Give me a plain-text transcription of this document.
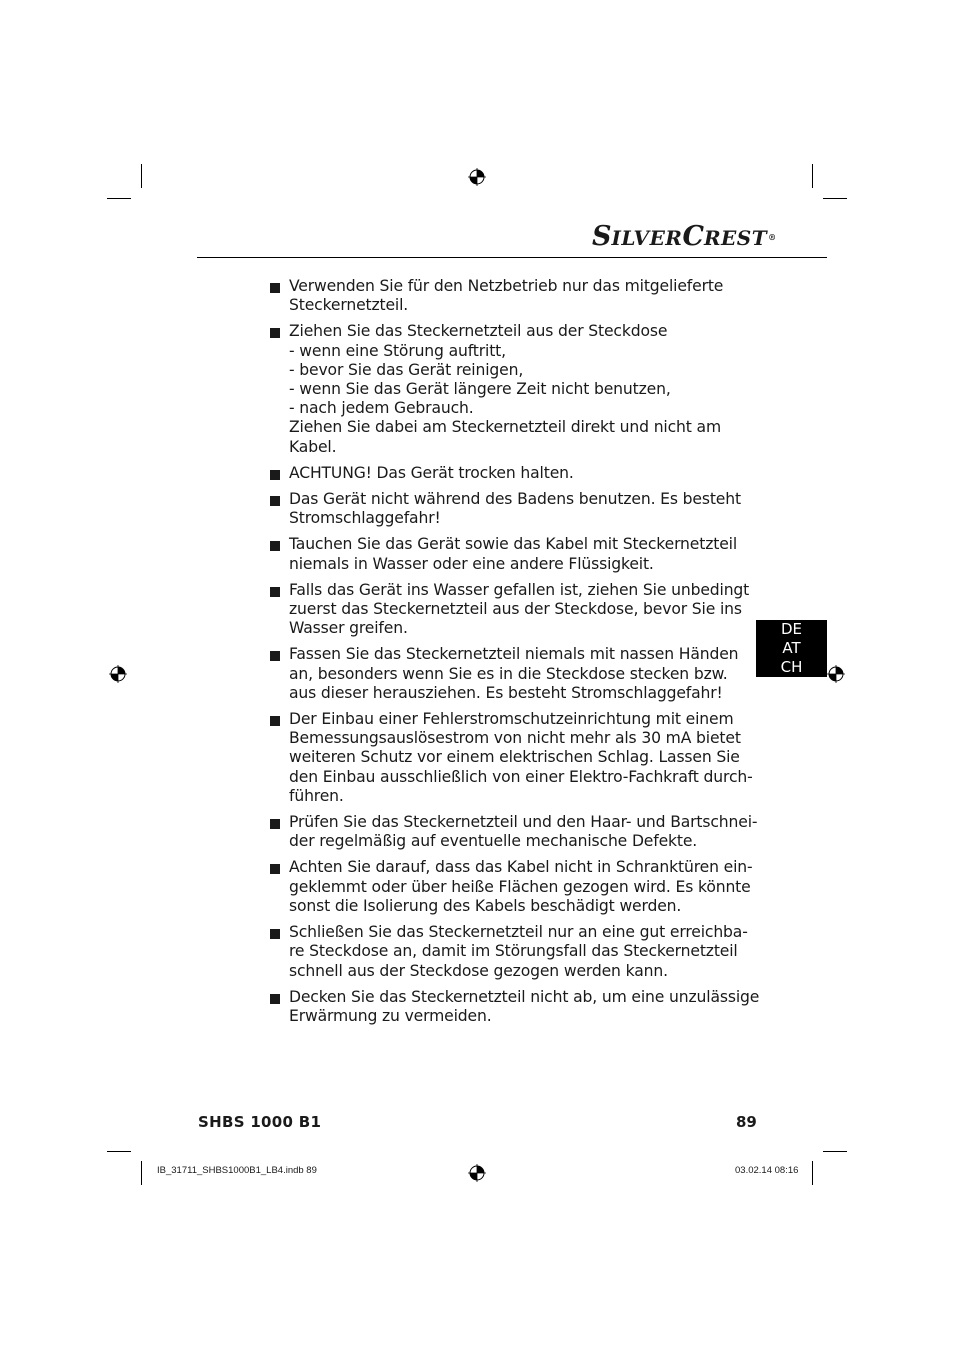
SILVERCREST®
Verwenden Sie für den Netzbetrieb nur das mitgelieferte
Steckernetzteil.
Ziehen Sie das Steckernetzteil aus der Steckdose
- wenn eine Störung auftritt,
- bevor Sie das Gerät reinigen,
- wenn Sie das Gerät längere Zeit nicht benutzen,
- nach jedem Gebrauch.
Ziehen Sie dabei am Steckernetzteil direkt und nicht am
Kabel.
ACHTUNG! Das Gerät trocken halten.
Das Gerät nicht während des Badens benutzen. Es besteht
Stromschlaggefahr!
Tauchen Sie das Gerät sowie das Kabel mit Steckernetzteil
niemals in Wasser oder eine andere Flüssigkeit.
Falls das Gerät ins Wasser gefallen ist, ziehen Sie unbedingt
zuerst das Steckernetzteil aus der Steckdose, bevor Sie ins
Wasser greifen.
Fassen Sie das Steckernetzteil niemals mit nassen Händen
an, besonders wenn Sie es in die Steckdose stecken bzw.
aus dieser herausziehen. Es besteht Stromschlaggefahr!
Der Einbau einer Fehlerstromschutzeinrichtung mit einem
Bemessungsauslösestrom von nicht mehr als 30 mA bietet
weiteren Schutz vor einem elektrischen Schlag. Lassen Sie
den Einbau ausschließlich von einer Elektro-Fachkraft durch-
führen.
Prüfen Sie das Steckernetzteil und den Haar- und Bartschnei-
der regelmäßig auf eventuelle mechanische Defekte.
Achten Sie darauf, dass das Kabel nicht in Schranktüren ein-
geklemmt oder über heiße Flächen gezogen wird. Es könnte
sonst die Isolierung des Kabels beschädigt werden.
Schließen Sie das Steckernetzteil nur an eine gut erreichba-
re Steckdose an, damit im Störungsfall das Steckernetzteil
schnell aus der Steckdose gezogen werden kann.
Decken Sie das Steckernetzteil nicht ab, um eine unzulässige
Erwärmung zu vermeiden.
DE
AT
CH
SHBS 1000 B1	89
IB_31711_SHBS1000B1_LB4.indb 89	03.02.14 08:16
